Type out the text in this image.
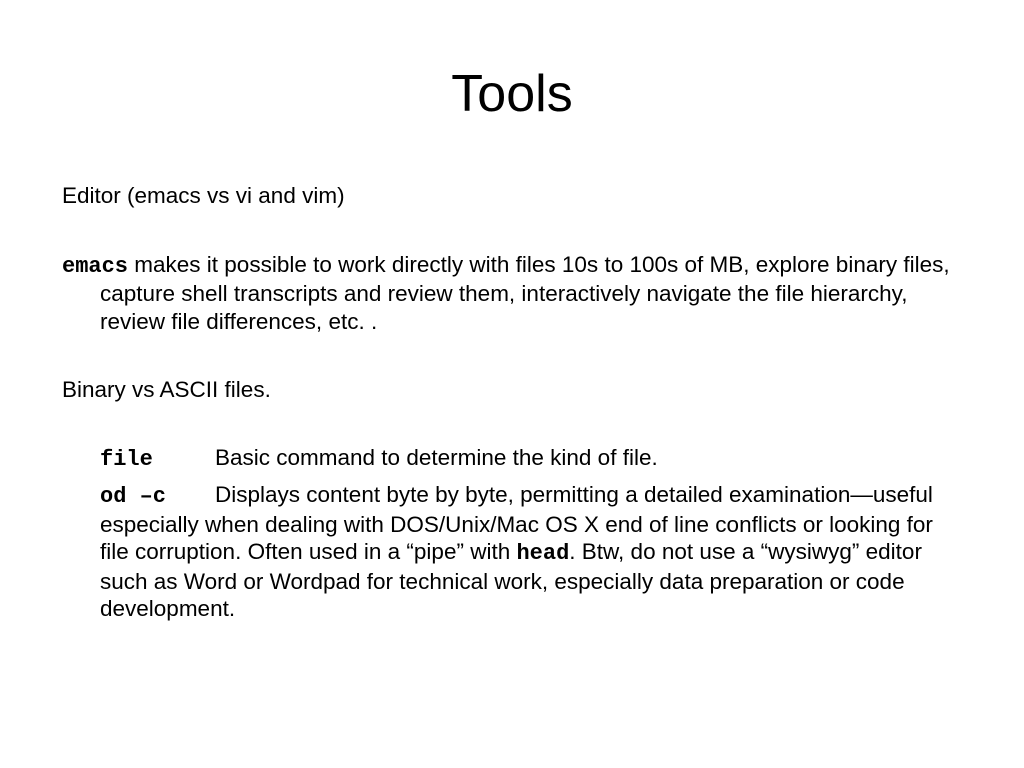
Tools

Editor (emacs vs vi and vim)

emacs makes it possible to work directly with files 10s to 100s of MB, explore binary files, capture shell transcripts and review them, interactively navigate the file hierarchy, review file differences, etc. .

Binary vs ASCII files.

file	Basic command to determine the kind of file.

od –c Displays content byte by byte, permitting a detailed examination—useful especially when dealing with DOS/Unix/Mac OS X end of line conflicts or looking for file corruption. Often used in a “pipe” with head. Btw, do not use a “wysiwyg” editor such as Word or Wordpad for technical work, especially data preparation or code development.
